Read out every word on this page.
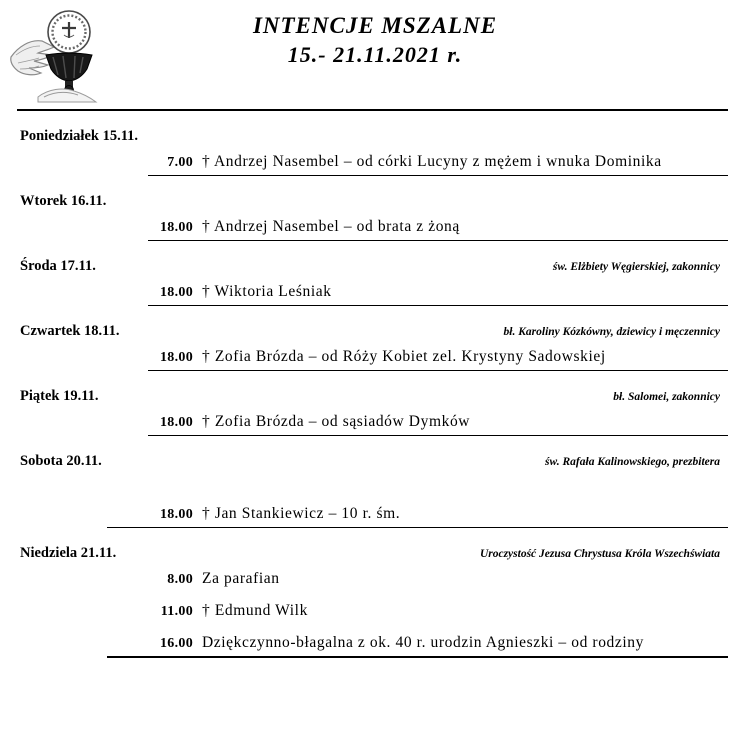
INTENCJE MSZALNE
15.- 21.11.2021 r.
Poniedziałek 15.11.
7.00 † Andrzej Nasembel – od córki Lucyny z mężem i wnuka Dominika
Wtorek 16.11.
18.00 † Andrzej Nasembel – od brata z żoną
Środa 17.11.	św. Elżbiety Węgierskiej, zakonnicy
18.00 † Wiktoria Leśniak
Czwartek 18.11.	bł. Karoliny Kózkówny, dziewicy i męczennicy
18.00 † Zofia Brózda – od Róży Kobiet zel. Krystyny Sadowskiej
Piątek 19.11.	bł. Salomei, zakonnicy
18.00 † Zofia Brózda – od sąsiadów Dymków
Sobota 20.11.	św. Rafała Kalinowskiego, prezbitera
18.00 † Jan Stankiewicz – 10 r. śm.
Niedziela 21.11.	Uroczystość Jezusa Chrystusa Króla Wszechświata
8.00 Za parafian
11.00 † Edmund Wilk
16.00 Dziękczynno-błagalna z ok. 40 r. urodzin Agnieszki – od rodziny
